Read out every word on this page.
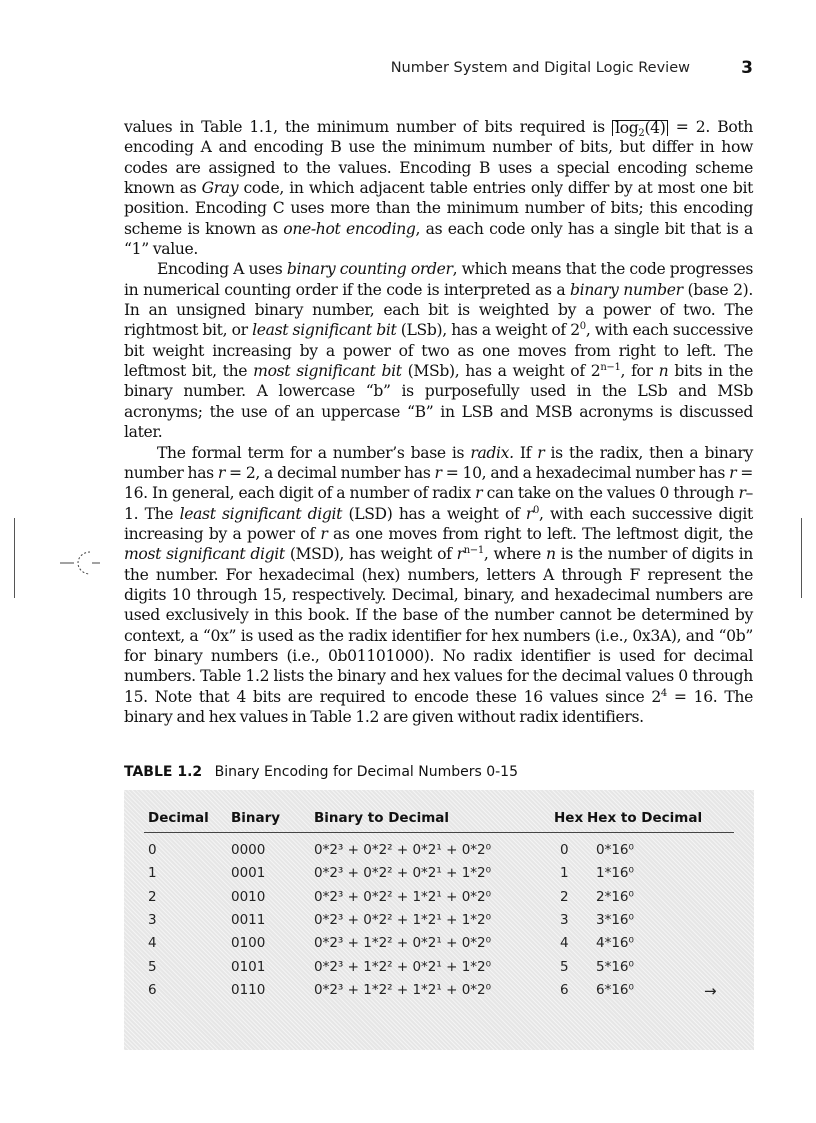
Number System and Digital Logic Review	3

values in Table 1.1, the minimum number of bits required is $\log_2(4) = 2$. Both encoding A and encoding B use the minimum number of bits, but differ in how codes are assigned to the values. Encoding B uses a special encoding scheme known as Gray code, in which adjacent table entries only differ by at most one bit position. Encoding C uses more than the minimum number of bits; this encoding scheme is known as one-hot encoding, as each code only has a single bit that is a “1” value.

Encoding A uses binary counting order, which means that the code progresses in numerical counting order if the code is interpreted as a binary number (base 2). In an unsigned binary number, each bit is weighted by a power of two. The rightmost bit, or least significant bit (LSb), has a weight of $2^0$, with each successive bit weight increasing by a power of two as one moves from right to left. The leftmost bit, the most significant bit (MSb), has a weight of $2^{n-1}$, for n bits in the binary number. A lowercase “b” is purposefully used in the LSb and MSb acronyms; the use of an uppercase “B” in LSB and MSB acronyms is discussed later.

The formal term for a number’s base is radix. If r is the radix, then a binary number has r = 2, a decimal number has r = 10, and a hexadecimal number has r = 16. In general, each digit of a number of radix r can take on the values 0 through r–1. The least significant digit (LSD) has a weight of $r^0$, with each successive digit increasing by a power of r as one moves from right to left. The leftmost digit, the most significant digit (MSD), has weight of $r^{n-1}$, where n is the number of digits in the number. For hexadecimal (hex) numbers, letters A through F represent the digits 10 through 15, respectively. Decimal, binary, and hexadecimal numbers are used exclusively in this book. If the base of the number cannot be determined by context, a “0x” is used as the radix identifier for hex numbers (i.e., 0x3A), and “0b” for binary numbers (i.e., 0b01101000). No radix identifier is used for decimal numbers. Table 1.2 lists the binary and hex values for the decimal values 0 through 15. Note that 4 bits are required to encode these 16 values since $2^4 = 16$. The binary and hex values in Table 1.2 are given without radix identifiers.

TABLE 1.2 Binary Encoding for Decimal Numbers 0-15
Decimal Binary	Binary to Decimal	Hex Hex to Decimal
0	0000	0*2³ + 0*2² + 0*2¹ + 0*2⁰	0 0*16⁰
1	0001	0*2³ + 0*2² + 0*2¹ + 1*2⁰	1 1*16⁰
2	0010	0*2³ + 0*2² + 1*2¹ + 0*2⁰	2 2*16⁰
3	0011	0*2³ + 0*2² + 1*2¹ + 1*2⁰	3 3*16⁰
4	0100	0*2³ + 1*2² + 0*2¹ + 0*2⁰	4 4*16⁰
5	0101	0*2³ + 1*2² + 0*2¹ + 1*2⁰	5 5*16⁰
6	0110	0*2³ + 1*2² + 1*2¹ + 0*2⁰	6 6*16⁰	→
